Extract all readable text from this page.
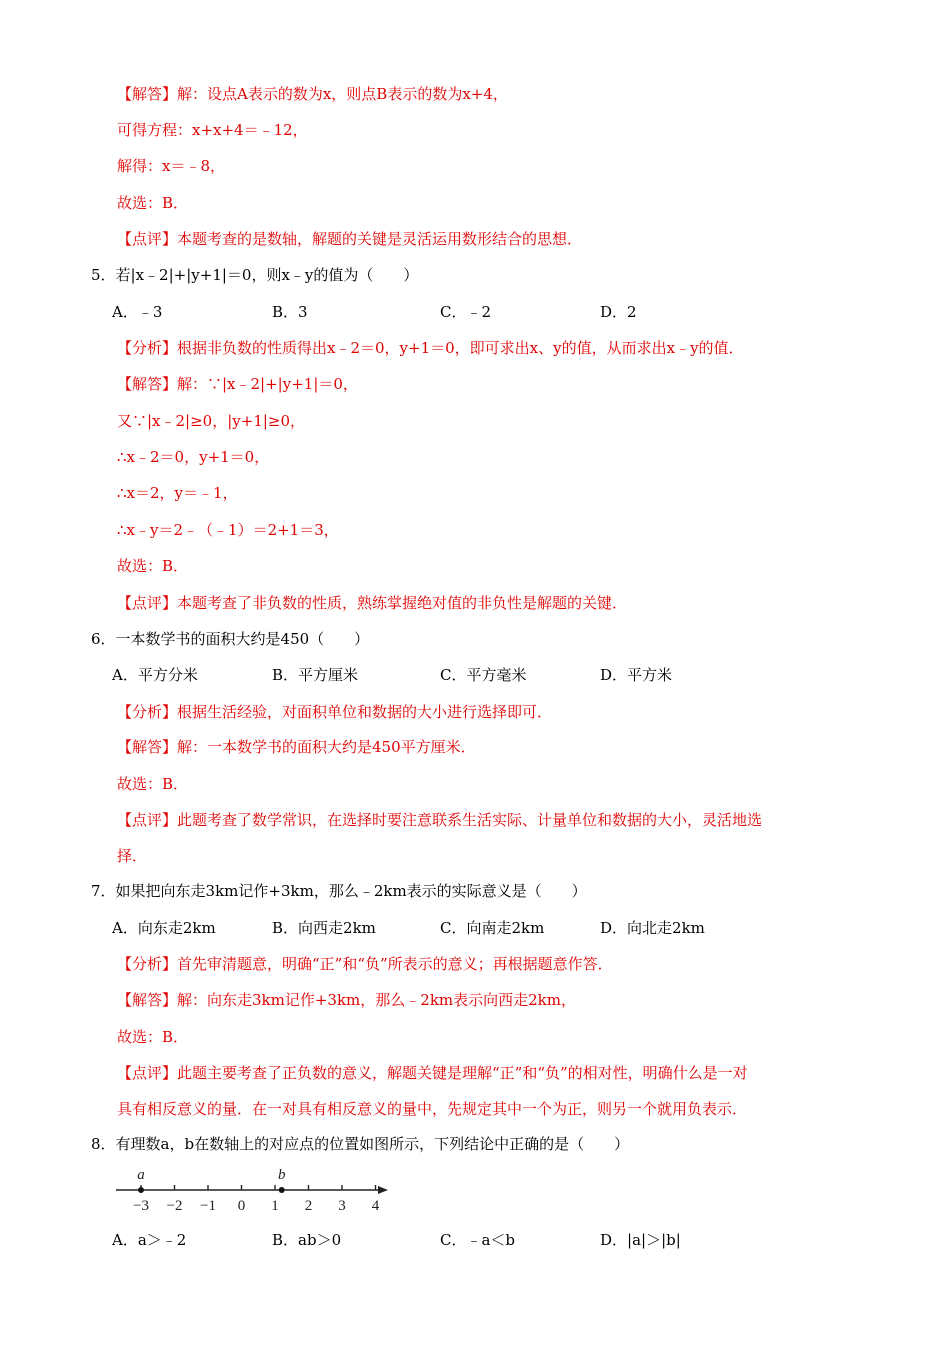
【解答】解：设点A表示的数为x，则点B表示的数为x+4，
可得方程：x+x+4＝﹣12，
解得：x＝﹣8，
故选：B．
【点评】本题考查的是数轴，解题的关键是灵活运用数形结合的思想．
5．若|x﹣2|+|y+1|＝0，则x﹣y的值为（　　）
【分析】根据非负数的性质得出x﹣2＝0，y+1＝0，即可求出x、y的值，从而求出x﹣y的值．
【解答】解：∵|x﹣2|+|y+1|＝0，
又∵|x﹣2|≥0，|y+1|≥0，
∴x﹣2＝0，y+1＝0，
∴x＝2，y＝﹣1，
∴x﹣y＝2﹣（﹣1）＝2+1＝3，
故选：B．
【点评】本题考查了非负数的性质，熟练掌握绝对值的非负性是解题的关键．
6．一本数学书的面积大约是450（　　）
【分析】根据生活经验，对面积单位和数据的大小进行选择即可．
【解答】解：一本数学书的面积大约是450平方厘米．
故选：B．
【点评】此题考查了数学常识，在选择时要注意联系生活实际、计量单位和数据的大小，灵活地选
择．
7．如果把向东走3km记作+3km，那么﹣2km表示的实际意义是（　　）
【分析】首先审清题意，明确“正”和“负”所表示的意义；再根据题意作答．
【解答】解：向东走3km记作+3km，那么﹣2km表示向西走2km，
故选：B．
【点评】此题主要考查了正负数的意义，解题关键是理解“正”和“负”的相对性，明确什么是一对
具有相反意义的量．在一对具有相反意义的量中，先规定其中一个为正，则另一个就用负表示．
8．有理数a，b在数轴上的对应点的位置如图所示，下列结论中正确的是（　　）
A．﹣3	B．3	C．﹣2	D．2
A．平方分米	B．平方厘米	C．平方毫米	D．平方米
A．向东走2km	B．向西走2km	C．向南走2km	D．向北走2km
A．a＞﹣2	B．ab＞0	C．﹣a＜b	D．|a|＞|b|
−3 −2 −1 0 1 2 3 4
a	b
